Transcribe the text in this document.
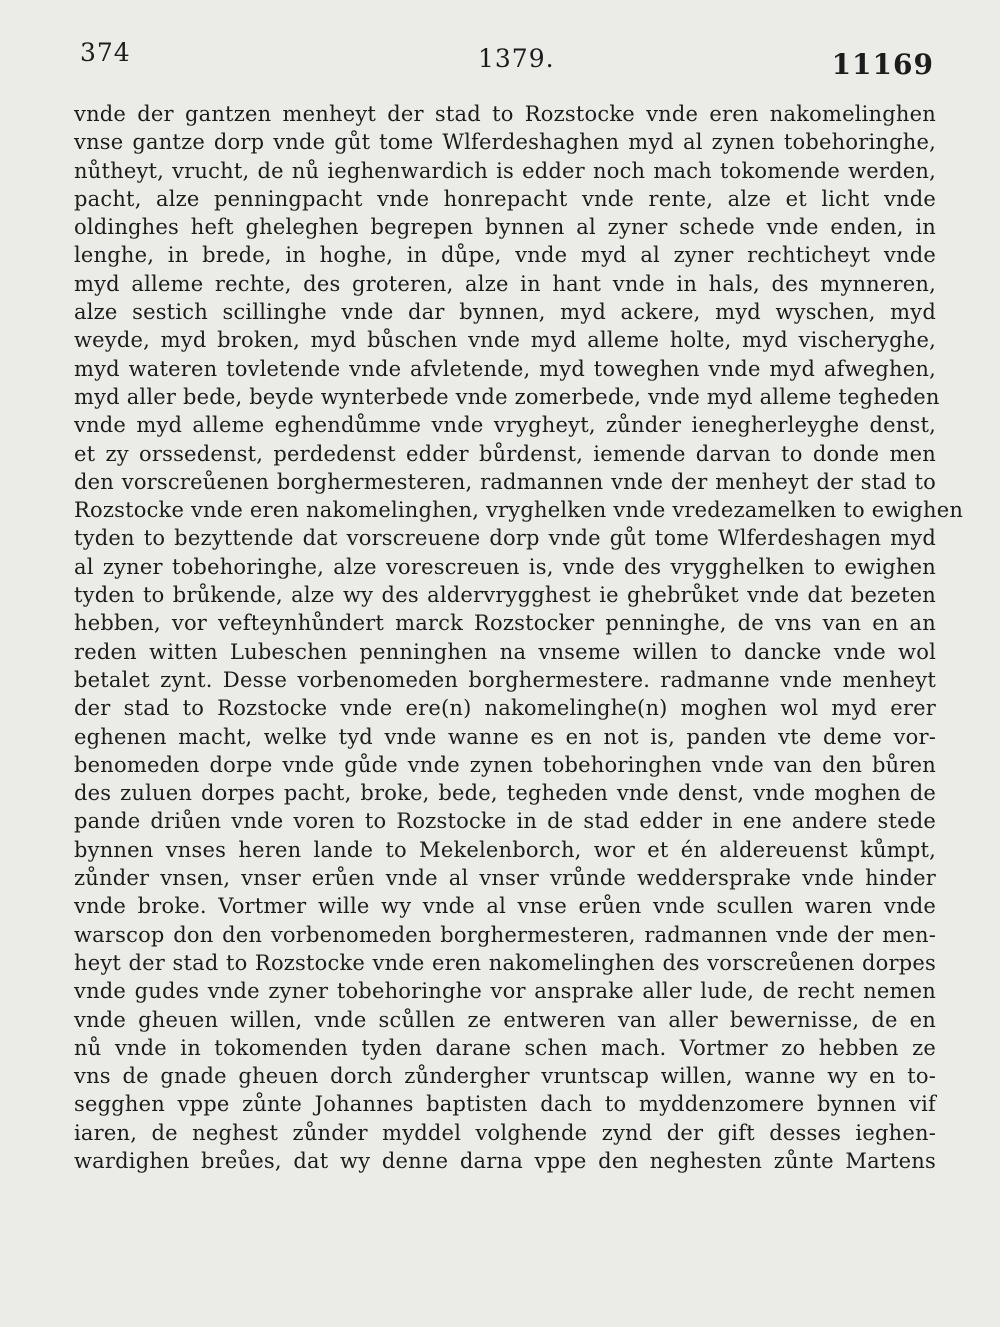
374	1379.	11169
vnde der gantzen menheyt der stad to Rozstocke vnde eren nakomelinghen
vnse gantze dorp vnde gůt tome Wlferdeshaghen myd al zynen tobehoringhe,
nůtheyt, vrucht, de nů ieghenwardich is edder noch mach tokomende werden,
pacht, alze penningpacht vnde honrepacht vnde rente, alze et licht vnde
oldinghes heft gheleghen begrepen bynnen al zyner schede vnde enden, in
lenghe, in brede, in hoghe, in důpe, vnde myd al zyner rechticheyt vnde
myd alleme rechte, des groteren, alze in hant vnde in hals, des mynneren,
alze sestich scillinghe vnde dar bynnen, myd ackere, myd wyschen, myd
weyde, myd broken, myd bůschen vnde myd alleme holte, myd vischeryghe,
myd wateren tovletende vnde afvletende, myd toweghen vnde myd afweghen,
myd aller bede, beyde wynterbede vnde zomerbede, vnde myd alleme tegheden
vnde myd alleme eghendůmme vnde vrygheyt, zůnder ienegherleyghe denst,
et zy orssedenst, perdedenst edder bůrdenst, iemende darvan to donde men
den vorscreůenen borghermesteren, radmannen vnde der menheyt der stad to
Rozstocke vnde eren nakomelinghen, vryghelken vnde vredezamelken to ewighen
tyden to bezyttende dat vorscreuene dorp vnde gůt tome Wlferdeshagen myd
al zyner tobehoringhe, alze vorescreuen is, vnde des vrygghelken to ewighen
tyden to brůkende, alze wy des aldervrygghest ie ghebrůket vnde dat bezeten
hebben, vor vefteynhůndert marck Rozstocker penninghe, de vns van en an
reden witten Lubeschen penninghen na vnseme willen to dancke vnde wol
betalet zynt. Desse vorbenomeden borghermestere. radmanne vnde menheyt
der stad to Rozstocke vnde ere(n) nakomelinghe(n) moghen wol myd erer
eghenen macht, welke tyd vnde wanne es en not is, panden vte deme vor-
benomeden dorpe vnde gůde vnde zynen tobehoringhen vnde van den bůren
des zuluen dorpes pacht, broke, bede, tegheden vnde denst, vnde moghen de
pande driůen vnde voren to Rozstocke in de stad edder in ene andere stede
bynnen vnses heren lande to Mekelenborch, wor et én aldereuenst kůmpt,
zůnder vnsen, vnser erůen vnde al vnser vrůnde weddersprake vnde hinder
vnde broke. Vortmer wille wy vnde al vnse erůen vnde scullen waren vnde
warscop don den vorbenomeden borghermesteren, radmannen vnde der men-
heyt der stad to Rozstocke vnde eren nakomelinghen des vorscreůenen dorpes
vnde gudes vnde zyner tobehoringhe vor ansprake aller lude, de recht nemen
vnde gheuen willen, vnde scůllen ze entweren van aller bewernisse, de en
nů vnde in tokomenden tyden darane schen mach. Vortmer zo hebben ze
vns de gnade gheuen dorch zůndergher vruntscap willen, wanne wy en to-
segghen vppe zůnte Johannes baptisten dach to myddenzomere bynnen vif
iaren, de neghest zůnder myddel volghende zynd der gift desses ieghen-
wardighen breůes, dat wy denne darna vppe den neghesten zůnte Martens
